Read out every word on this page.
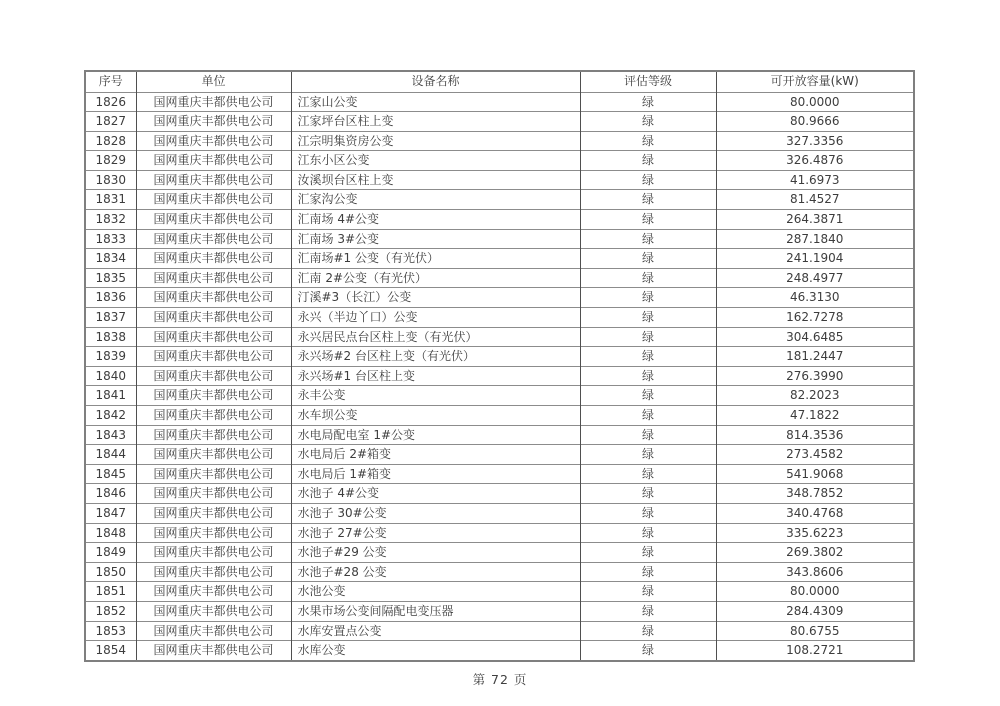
序号	单位	设备名称	评估等级	可开放容量(kW)
1826	国网重庆丰都供电公司	江家山公变	绿	80.0000
1827	国网重庆丰都供电公司	江家坪台区柱上变	绿	80.9666
1828	国网重庆丰都供电公司	江宗明集资房公变	绿	327.3356
1829	国网重庆丰都供电公司	江东小区公变	绿	326.4876
1830	国网重庆丰都供电公司	汝溪坝台区柱上变	绿	41.6973
1831	国网重庆丰都供电公司	汇家沟公变	绿	81.4527
1832	国网重庆丰都供电公司	汇南场 4#公变	绿	264.3871
1833	国网重庆丰都供电公司	汇南场 3#公变	绿	287.1840
1834	国网重庆丰都供电公司	汇南场#1 公变（有光伏）	绿	241.1904
1835	国网重庆丰都供电公司	汇南 2#公变（有光伏）	绿	248.4977
1836	国网重庆丰都供电公司	汀溪#3（长江）公变	绿	46.3130
1837	国网重庆丰都供电公司	永兴（半边丫口）公变	绿	162.7278
1838	国网重庆丰都供电公司	永兴居民点台区柱上变（有光伏）	绿	304.6485
1839	国网重庆丰都供电公司	永兴场#2 台区柱上变（有光伏）	绿	181.2447
1840	国网重庆丰都供电公司	永兴场#1 台区柱上变	绿	276.3990
1841	国网重庆丰都供电公司	永丰公变	绿	82.2023
1842	国网重庆丰都供电公司	水车坝公变	绿	47.1822
1843	国网重庆丰都供电公司	水电局配电室 1#公变	绿	814.3536
1844	国网重庆丰都供电公司	水电局后 2#箱变	绿	273.4582
1845	国网重庆丰都供电公司	水电局后 1#箱变	绿	541.9068
1846	国网重庆丰都供电公司	水池子 4#公变	绿	348.7852
1847	国网重庆丰都供电公司	水池子 30#公变	绿	340.4768
1848	国网重庆丰都供电公司	水池子 27#公变	绿	335.6223
1849	国网重庆丰都供电公司	水池子#29 公变	绿	269.3802
1850	国网重庆丰都供电公司	水池子#28 公变	绿	343.8606
1851	国网重庆丰都供电公司	水池公变	绿	80.0000
1852	国网重庆丰都供电公司	水果市场公变间隔配电变压器	绿	284.4309
1853	国网重庆丰都供电公司	水库安置点公变	绿	80.6755
1854	国网重庆丰都供电公司	水库公变	绿	108.2721
第 72 页
